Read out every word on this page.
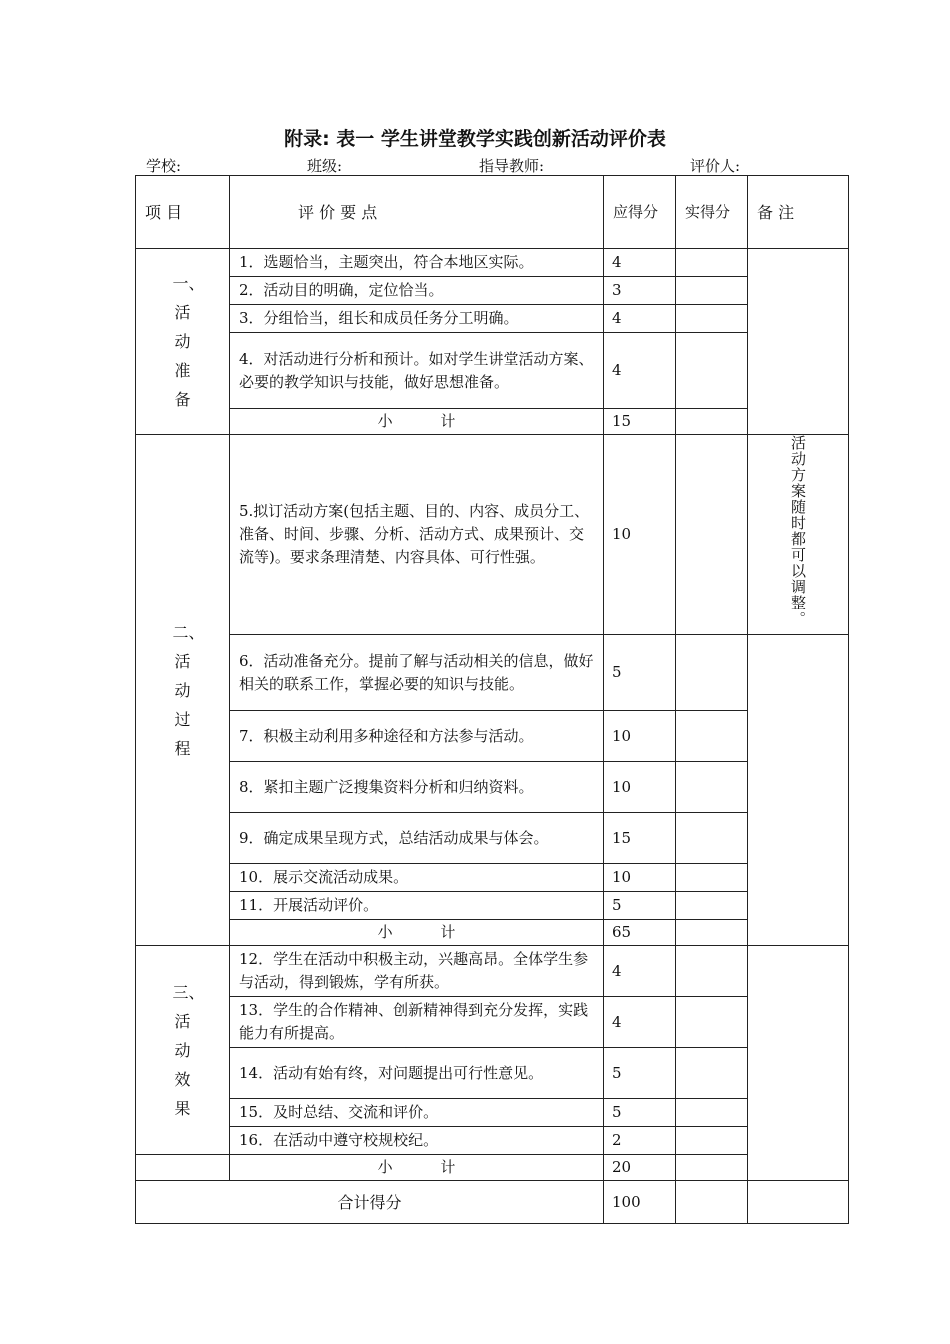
附录: 表一 学生讲堂教学实践创新活动评价表
学校:	班级:	指导教师:	评价人:
项 目	评 价 要 点	应得分	实得分	备 注

一、活动准备	1．选题恰当，主题突出，符合本地区实际。	4		
	2．活动目的明确，定位恰当。	3		
	3．分组恰当，组长和成员任务分工明确。	4		
	4．对活动进行分析和预计。如对学生讲堂活动方案、必要的教学知识与技能，做好思想准备。	4		
	小          计	15		

二、活动过程	5.拟订活动方案(包括主题、目的、内容、成员分工、准备、时间、步骤、分析、活动方式、成果预计、交流等)。要求条理清楚、内容具体、可行性强。	10		活动方案随时都可以调整。
	6．活动准备充分。提前了解与活动相关的信息，做好相关的联系工作，掌握必要的知识与技能。	5		
	7．积极主动利用多种途径和方法参与活动。	10		
	8．紧扣主题广泛搜集资料分析和归纳资料。	10		
	9．确定成果呈现方式，总结活动成果与体会。	15		
	10．展示交流活动成果。	10		
	11．开展活动评价。	5		
	小          计	65		

三、活动效果	12．学生在活动中积极主动，兴趣高昂。全体学生参与活动，得到锻炼，学有所获。	4		
	13．学生的合作精神、创新精神得到充分发挥，实践能力有所提高。	4		
	14．活动有始有终，对问题提出可行性意见。	5		
	15．及时总结、交流和评价。	5		
	16．在活动中遵守校规校纪。	2		
	小          计	20		
合计得分		100		
